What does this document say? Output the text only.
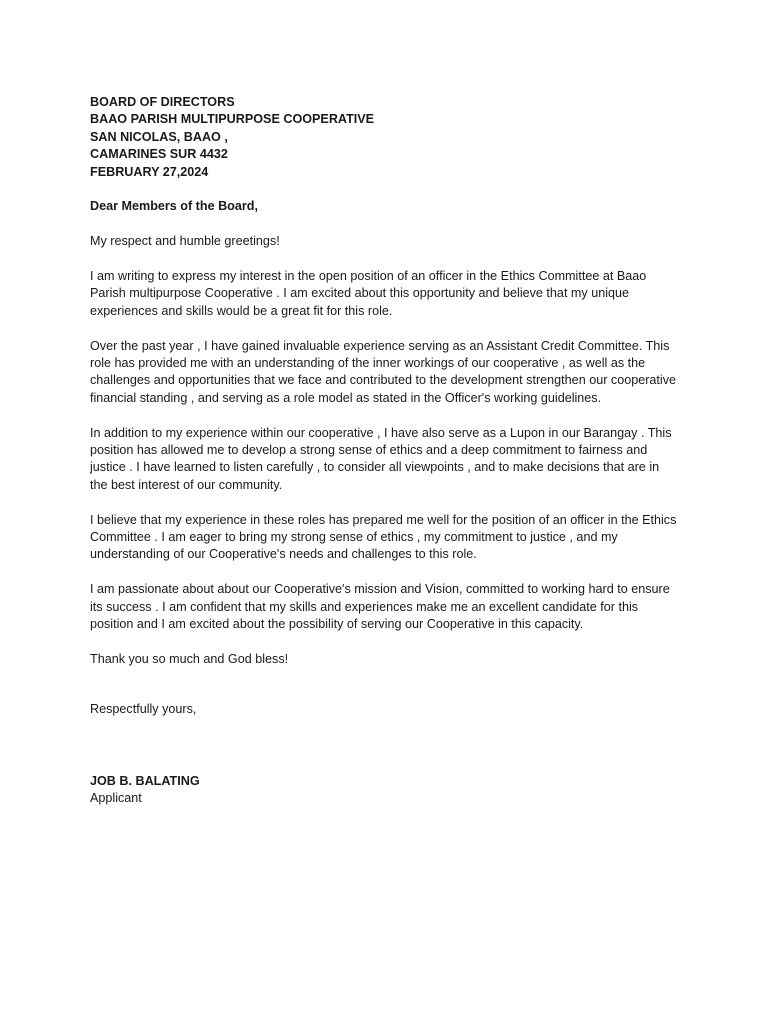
BOARD OF DIRECTORS
BAAO PARISH MULTIPURPOSE COOPERATIVE
SAN NICOLAS, BAAO ,
CAMARINES SUR 4432
FEBRUARY 27,2024
Dear Members of the Board,

My respect and humble greetings!

I am writing to express my interest in the open position of an officer in the Ethics Committee at Baao Parish multipurpose Cooperative . I am excited about this opportunity and believe that my unique experiences and skills would be a great fit for this role.

Over the past year , I have gained invaluable experience serving as an Assistant Credit Committee. This role has provided me with an understanding of the inner workings of our cooperative , as well as the challenges and opportunities that we face and contributed to the development strengthen our cooperative financial standing , and serving as a role model as stated in the Officer's working guidelines.

In addition to my experience within our cooperative , I have also serve as a Lupon in our Barangay . This position has allowed me to develop a strong sense of ethics and a deep commitment to fairness and justice . I have learned to listen carefully , to consider all viewpoints , and to make decisions that are in the best interest of our community.

I believe that my experience in these roles has prepared me well for the position of an officer in the Ethics Committee . I am eager to bring my strong sense of ethics , my commitment to justice , and my understanding of our Cooperative's needs and challenges to this role.

I am passionate about about our Cooperative's mission and Vision, committed to working hard to ensure its success . I am confident that my skills and experiences make me an excellent candidate for this position and I am excited about the possibility of serving our Cooperative in this capacity.

Thank you so much and God bless!

Respectfully yours,
JOB B. BALATING
Applicant
